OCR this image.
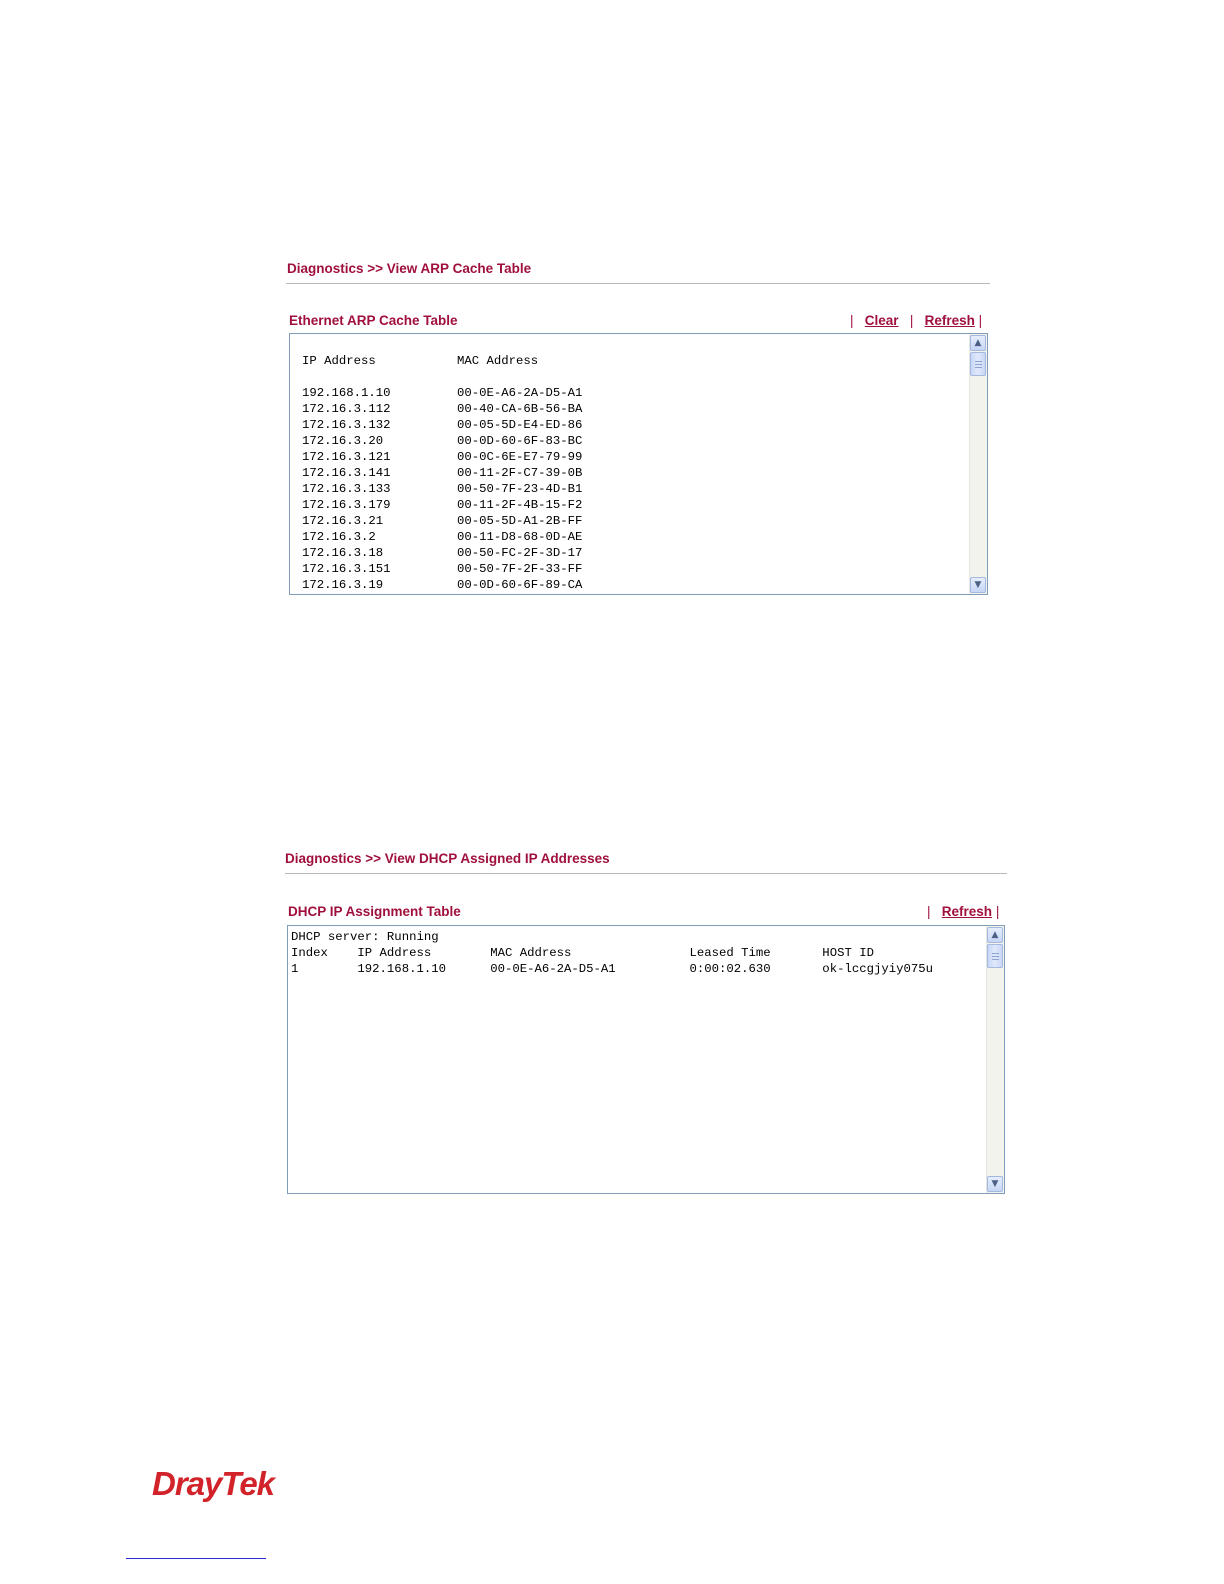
Diagnostics >> View ARP Cache Table
Ethernet ARP Cache Table	| Clear | Refresh |
IP Address           MAC Address

192.168.1.10         00-0E-A6-2A-D5-A1
172.16.3.112         00-40-CA-6B-56-BA
172.16.3.132         00-05-5D-E4-ED-86
172.16.3.20          00-0D-60-6F-83-BC
172.16.3.121         00-0C-6E-E7-79-99
172.16.3.141         00-11-2F-C7-39-0B
172.16.3.133         00-50-7F-23-4D-B1
172.16.3.179         00-11-2F-4B-15-F2
172.16.3.21          00-05-5D-A1-2B-FF
172.16.3.2           00-11-D8-68-0D-AE
172.16.3.18          00-50-FC-2F-3D-17
172.16.3.151         00-50-7F-2F-33-FF
172.16.3.19          00-0D-60-6F-89-CA
▲
▼
Diagnostics >> View DHCP Assigned IP Addresses
DHCP IP Assignment Table	| Refresh |
DHCP server: Running
Index    IP Address        MAC Address                Leased Time       HOST ID
1        192.168.1.10      00-0E-A6-2A-D5-A1          0:00:02.630       ok-lccgjyiy075u
▲
▼
DrayTek
